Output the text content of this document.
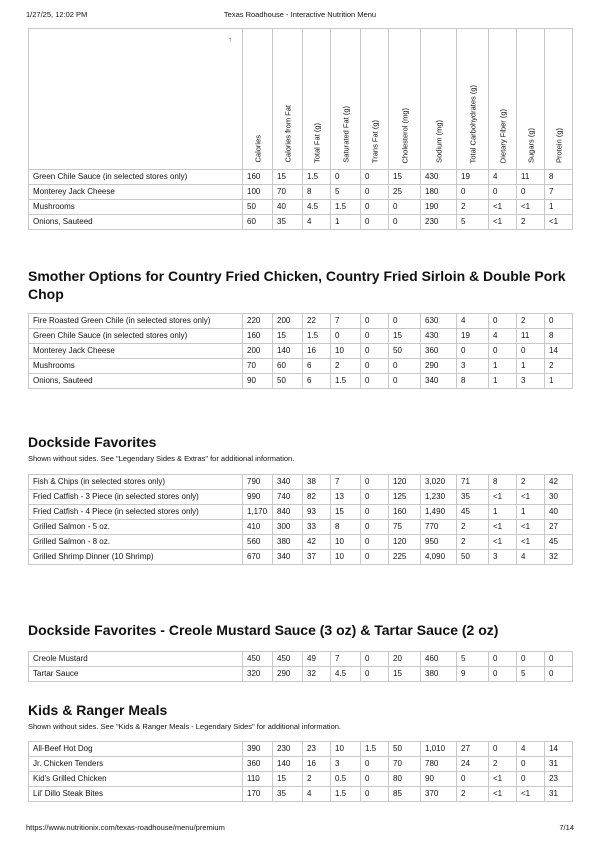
1/27/25, 12:02 PM	Texas Roadhouse - Interactive Nutrition Menu
↑	Calories	Calories from Fat	Total Fat (g)	Saturated Fat (g)	Trans Fat (g)	Cholesterol (mg)	Sodium (mg)	Total Carbohydrates (g)	Dietary Fiber (g)	Sugars (g)	Protein (g)

Green Chile Sauce (in selected stores only)	160	15	1.5	0	0	15	430	19	4	11	8
Monterey Jack Cheese	100	70	8	5	0	25	180	0	0	0	7
Mushrooms	50	40	4.5	1.5	0	0	190	2	<1	<1	1
Onions, Sauteed	60	35	4	1	0	0	230	5	<1	2	<1
Smother Options for Country Fried Chicken, Country Fried Sirloin & Double Pork Chop
Fire Roasted Green Chile (in selected stores only)	220	200	22	7	0	0	630	4	0	2	0
Green Chile Sauce (in selected stores only)	160	15	1.5	0	0	15	430	19	4	11	8
Monterey Jack Cheese	200	140	16	10	0	50	360	0	0	0	14
Mushrooms	70	60	6	2	0	0	290	3	1	1	2
Onions, Sauteed	90	50	6	1.5	0	0	340	8	1	3	1
Dockside Favorites

Shown without sides. See "Legendary Sides & Extras" for additional information.

Fish & Chips (in selected stores only)	790	340	38	7	0	120	3,020	71	8	2	42
Fried Catfish - 3 Piece (in selected stores only)	990	740	82	13	0	125	1,230	35	<1	<1	30
Fried Catfish - 4 Piece (in selected stores only)	1,170	840	93	15	0	160	1,490	45	1	1	40
Grilled Salmon - 5 oz.	410	300	33	8	0	75	770	2	<1	<1	27
Grilled Salmon - 8 oz.	560	380	42	10	0	120	950	2	<1	<1	45
Grilled Shrimp Dinner (10 Shrimp)	670	340	37	10	0	225	4,090	50	3	4	32
Dockside Favorites - Creole Mustard Sauce (3 oz) & Tartar Sauce (2 oz)
Creole Mustard	450	450	49	7	0	20	460	5	0	0	0
Tartar Sauce	320	290	32	4.5	0	15	380	9	0	5	0
Kids & Ranger Meals

Shown without sides. See "Kids & Ranger Meals - Legendary Sides" for additional information.

All-Beef Hot Dog	390	230	23	10	1.5	50	1,010	27	0	4	14
Jr. Chicken Tenders	360	140	16	3	0	70	780	24	2	0	31
Kid's Grilled Chicken	110	15	2	0.5	0	80	90	0	<1	0	23
Lil' Dillo Steak Bites	170	35	4	1.5	0	85	370	2	<1	<1	31
https://www.nutritionix.com/texas-roadhouse/menu/premium	7/14
